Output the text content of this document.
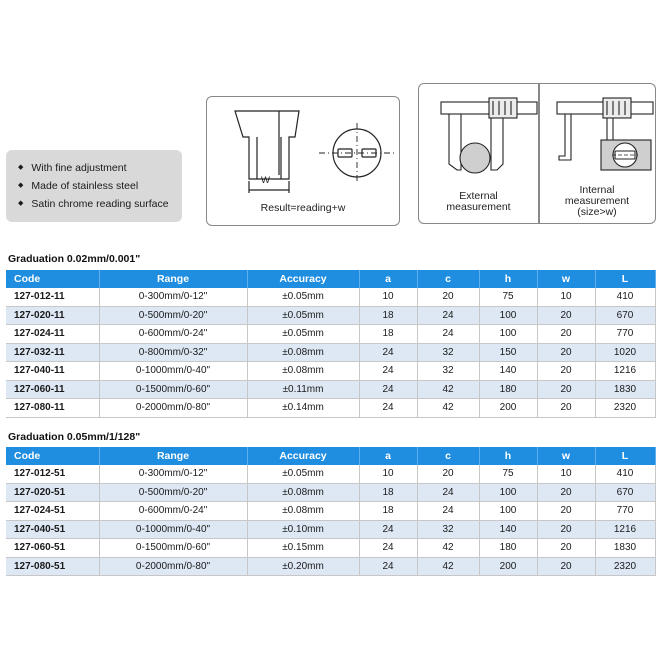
◆ With fine adjustment
◆ Made of stainless steel
◆ Satin chrome reading surface
W
Result=reading+w
External
measurement
Internal
measurement
(size>w)
Graduation 0.02mm/0.001"
Code	Range	Accuracy	a	c	h	w	L
127-012-11	0-300mm/0-12"	±0.05mm	10	20	75	10	410
127-020-11	0-500mm/0-20"	±0.05mm	18	24	100	20	670
127-024-11	0-600mm/0-24"	±0.05mm	18	24	100	20	770
127-032-11	0-800mm/0-32"	±0.08mm	24	32	150	20	1020
127-040-11	0-1000mm/0-40"	±0.08mm	24	32	140	20	1216
127-060-11	0-1500mm/0-60"	±0.11mm	24	42	180	20	1830
127-080-11	0-2000mm/0-80"	±0.14mm	24	42	200	20	2320
Graduation 0.05mm/1/128"
Code	Range	Accuracy	a	c	h	w	L
127-012-51	0-300mm/0-12"	±0.05mm	10	20	75	10	410
127-020-51	0-500mm/0-20"	±0.08mm	18	24	100	20	670
127-024-51	0-600mm/0-24"	±0.08mm	18	24	100	20	770
127-040-51	0-1000mm/0-40"	±0.10mm	24	32	140	20	1216
127-060-51	0-1500mm/0-60"	±0.15mm	24	42	180	20	1830
127-080-51	0-2000mm/0-80"	±0.20mm	24	42	200	20	2320
